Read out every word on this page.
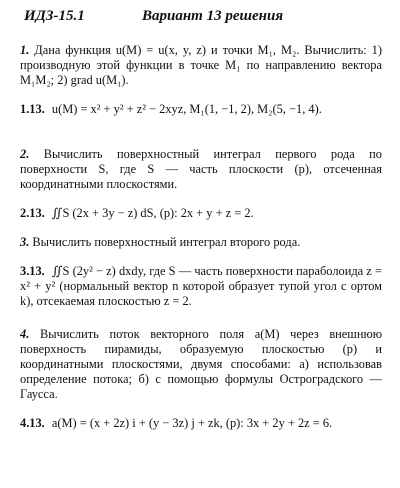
ИДЗ-15.1	Вариант 13 решения
1. Дана функция u(M) = u(x, y, z) и точки M₁, M₂. Вычислить: 1) производную этой функции в точке M₁ по направлению вектора M₁M₂; 2) grad u(M₁).
1.13. u(M) = x² + y² + z² − 2xyz, M₁(1, −1, 2), M₂(5, −1, 4).
2. Вычислить поверхностный интеграл первого рода по поверхности S, где S — часть плоскости (p), отсеченная координатными плоскостями.
2.13. ∬S (2x + 3y − z) dS, (p): 2x + y + z = 2.
3. Вычислить поверхностный интеграл второго рода.
3.13. ∬S (2y² − z) dxdy, где S — часть поверхности параболоида z = x² + y² (нормальный вектор n которой образует тупой угол с ортом k), отсекаемая плоскостью z = 2.
4. Вычислить поток векторного поля a(M) через внешнюю поверхность пирамиды, образуемую плоскостью (p) и координатными плоскостями, двумя способами: а) использовав определение потока; б) с помощью формулы Остроградского — Гаусса.
4.13. a(M) = (x + 2z) i + (y − 3z) j + zk, (p): 3x + 2y + 2z = 6.
